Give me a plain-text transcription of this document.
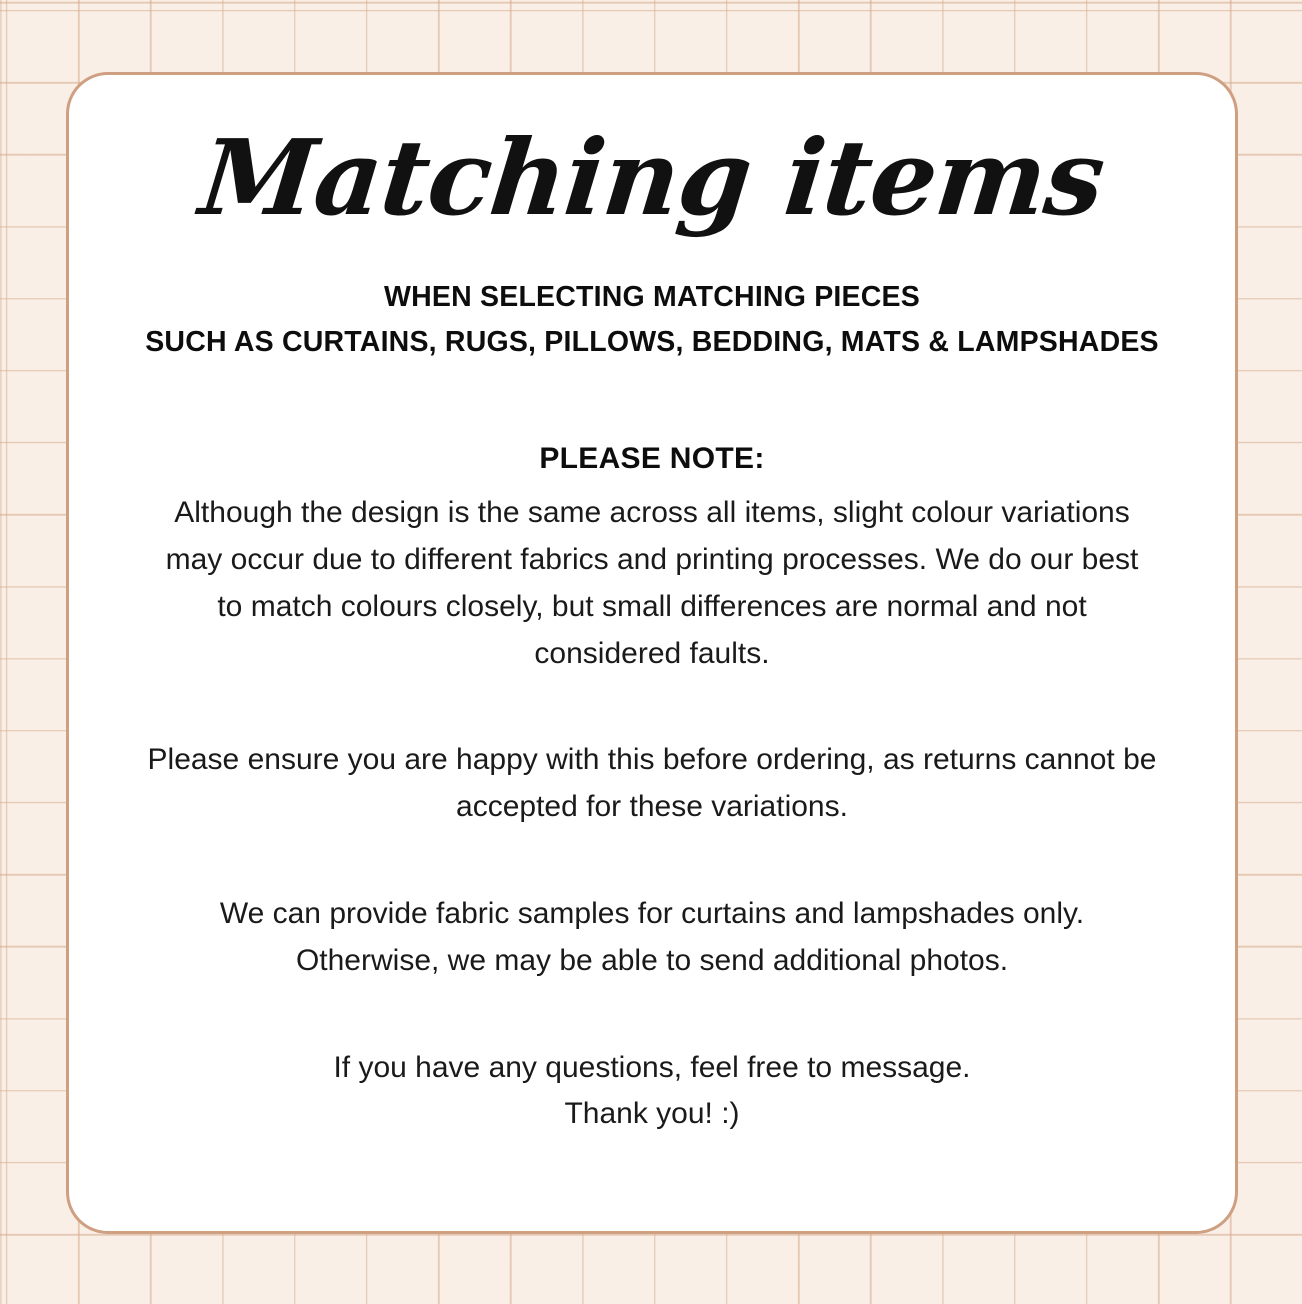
Matching items

WHEN SELECTING MATCHING PIECES
SUCH AS CURTAINS, RUGS, PILLOWS, BEDDING, MATS & LAMPSHADES

PLEASE NOTE:

Although the design is the same across all items, slight colour variations may occur due to different fabrics and printing processes. We do our best to match colours closely, but small differences are normal and not considered faults.

Please ensure you are happy with this before ordering, as returns cannot be accepted for these variations.

We can provide fabric samples for curtains and lampshades only. Otherwise, we may be able to send additional photos.

If you have any questions, feel free to message.
Thank you! :)
